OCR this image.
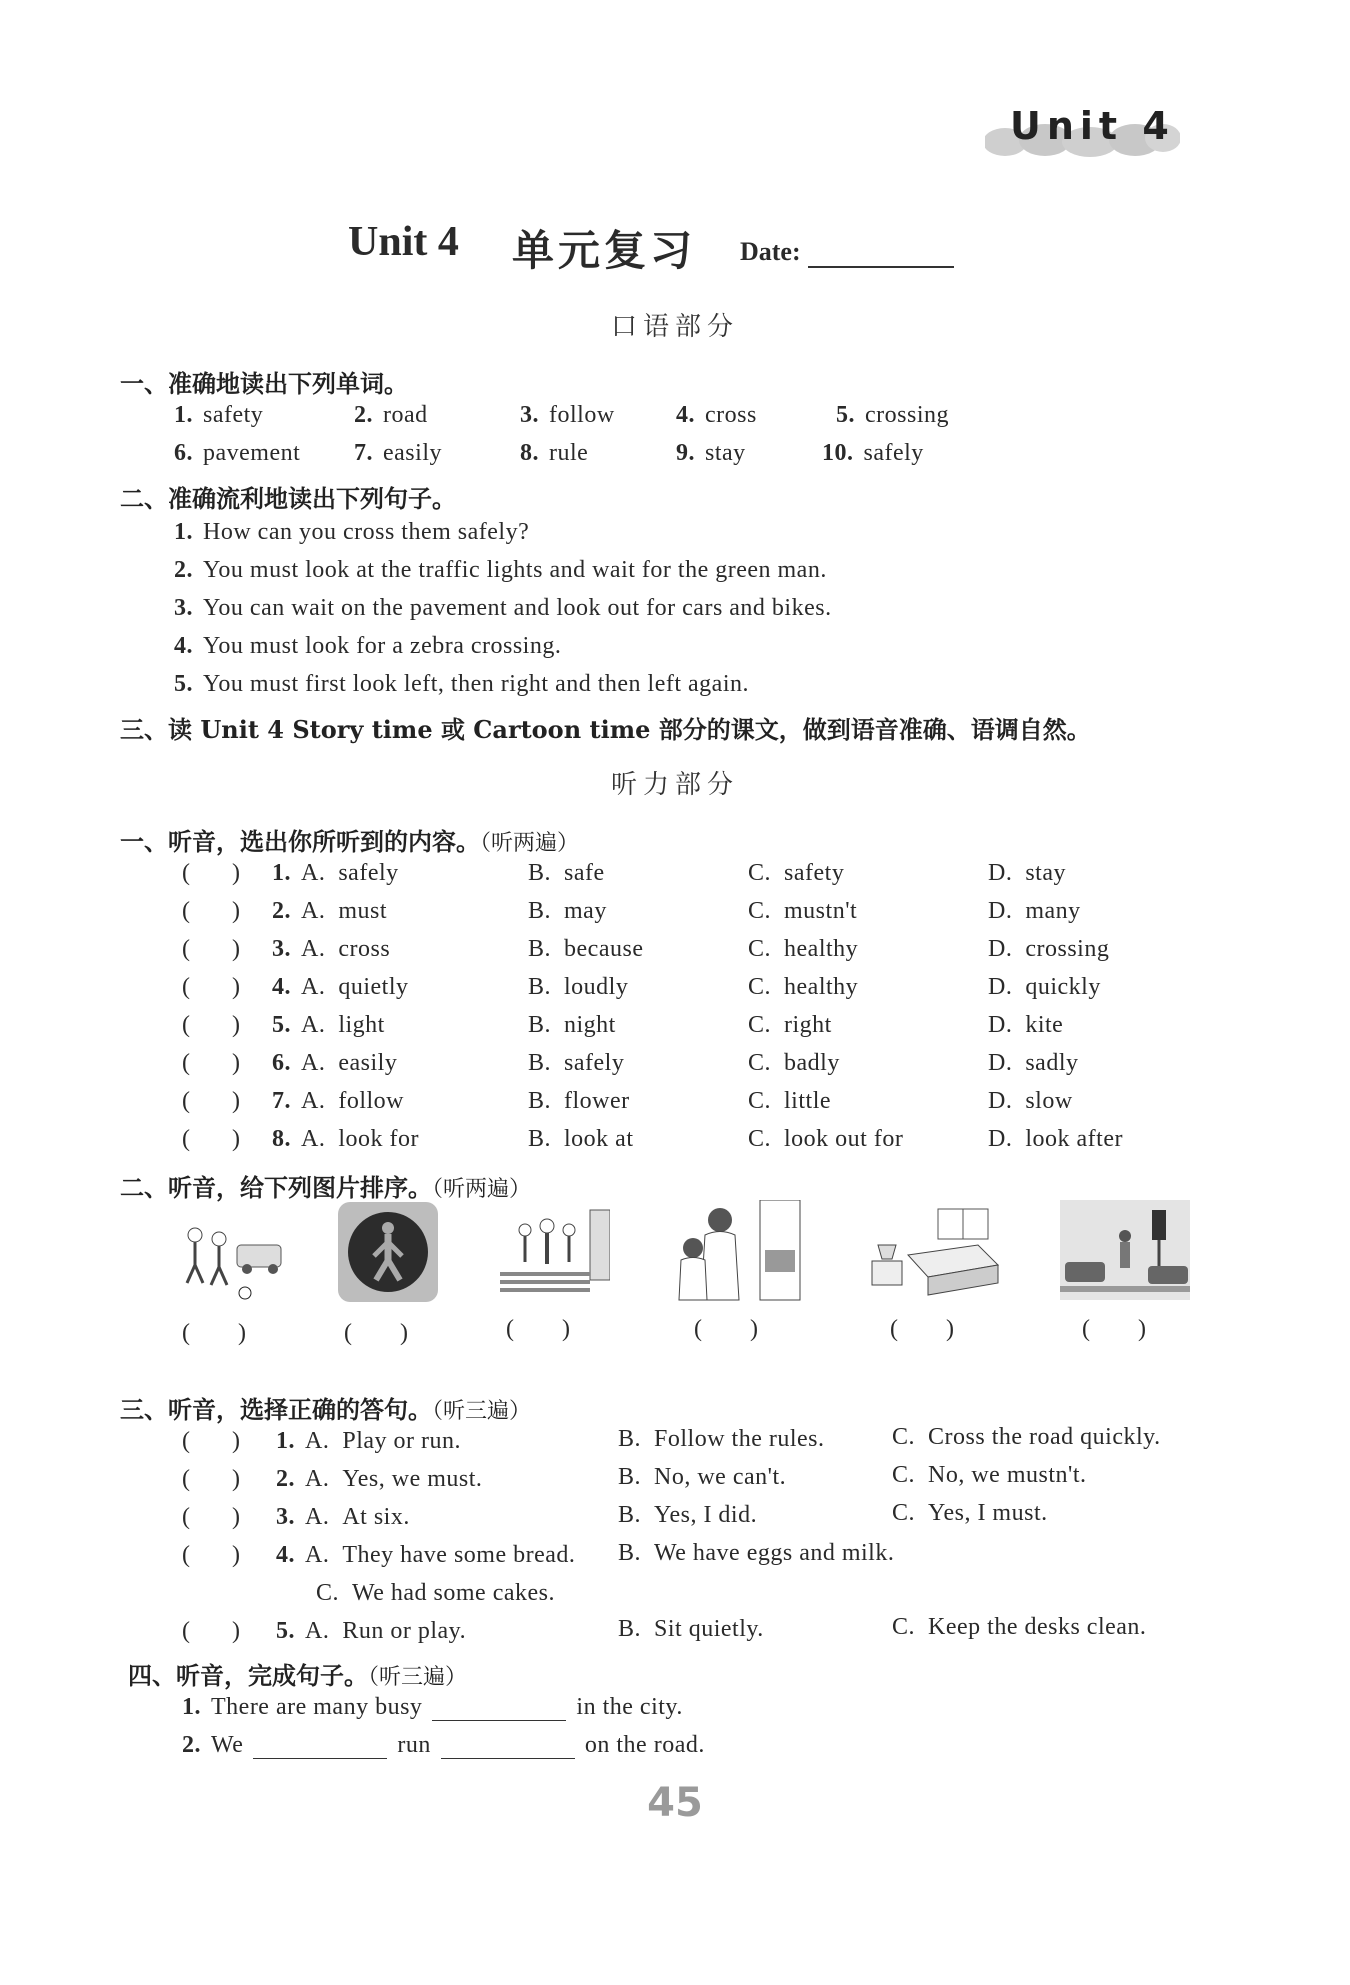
Unit 4
Unit 4 单元复习 Date:
口语部分
一、准确地读出下列单词。
1. safety	2. road	3. follow	4. cross	5. crossing
6. pavement 7. easily	8. rule	9. stay	10. safely
二、准确流利地读出下列句子。
1. How can you cross them safely?
2. You must look at the traffic lights and wait for the green man.
3. You can wait on the pavement and look out for cars and bikes.
4. You must look for a zebra crossing.
5. You must first look left, then right and then left again.
三、读 Unit 4 Story time 或 Cartoon time 部分的课文，做到语音准确、语调自然。
听力部分
一、听音，选出你所听到的内容。（听两遍）
(       ) 1. A.  safely	B.  safe	C.  safety	D.  stay
(       ) 2. A.  must	B.  may	C.  mustn't	D.  many
(       ) 3. A.  cross	B.  because	C.  healthy	D.  crossing
(       ) 4. A.  quietly	B.  loudly	C.  healthy	D.  quickly
(       ) 5. A.  light	B.  night	C.  right	D.  kite
(       ) 6. A.  easily	B.  safely	C.  badly	D.  sadly
(       ) 7. A.  follow	B.  flower	C.  little	D.  slow
(       ) 8. A.  look for	B.  look at	C.  look out for	D.  look after
二、听音，给下列图片排序。（听两遍）
(        )	(        )	(        )	(        )	(        )	(        )
三、听音，选择正确的答句。（听三遍）
(       ) 1. A.  Play or run.	B.  Follow the rules.	C.  Cross the road quickly.
(       ) 2. A.  Yes, we must.	B.  No, we can't.	C.  No, we mustn't.
(       ) 3. A.  At six.	B.  Yes, I did.	C.  Yes, I must.
(       ) 4. A.  They have some bread. B.  We have eggs and milk.
C.  We had some cakes.
(       ) 5. A.  Run or play.	B.  Sit quietly.	C.  Keep the desks clean.
四、听音，完成句子。（听三遍）
1. There are many busy	in the city.
2. We	run	on the road.
45
